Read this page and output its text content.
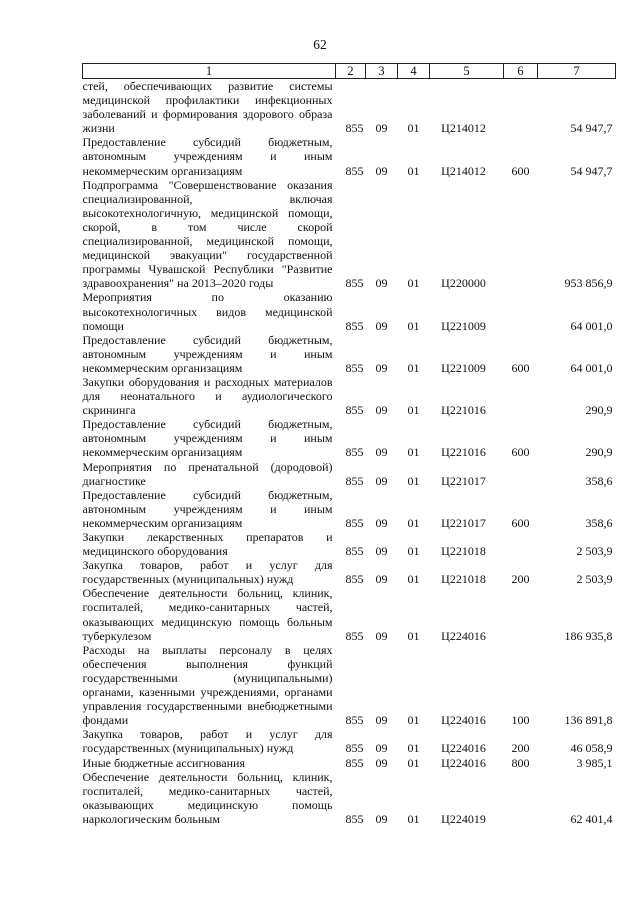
62
1	2	3	4	5	6	7
стей, обеспечивающих развитие системы медицинской профилактики инфекционных заболеваний и формирования здорового образа жизни	855	09	01	Ц214012		54 947,7
Предоставление субсидий бюджетным, автономным учреждениям и иным некоммерческим организациям	855	09	01	Ц214012	600	54 947,7
Подпрограмма "Совершенствование оказания специализированной, включая высокотехнологичную, медицинской помощи, скорой, в том числе скорой специализированной, медицинской помощи, медицинской эвакуации" государственной программы Чувашской Республики "Развитие здравоохранения" на 2013–2020 годы	855	09	01	Ц220000		953 856,9
Мероприятия по оказанию высокотехнологичных видов медицинской помощи	855	09	01	Ц221009		64 001,0
Предоставление субсидий бюджетным, автономным учреждениям и иным некоммерческим организациям	855	09	01	Ц221009	600	64 001,0
Закупки оборудования и расходных материалов для неонатального и аудиологического скрининга	855	09	01	Ц221016		290,9
Предоставление субсидий бюджетным, автономным учреждениям и иным некоммерческим организациям	855	09	01	Ц221016	600	290,9
Мероприятия по пренатальной (дородовой) диагностике	855	09	01	Ц221017		358,6
Предоставление субсидий бюджетным, автономным учреждениям и иным некоммерческим организациям	855	09	01	Ц221017	600	358,6
Закупки лекарственных препаратов и медицинского оборудования	855	09	01	Ц221018		2 503,9
Закупка товаров, работ и услуг для государственных (муниципальных) нужд	855	09	01	Ц221018	200	2 503,9
Обеспечение деятельности больниц, клиник, госпиталей, медико-санитарных частей, оказывающих медицинскую помощь больным туберкулезом	855	09	01	Ц224016		186 935,8
Расходы на выплаты персоналу в целях обеспечения выполнения функций государственными (муниципальными) органами, казенными учреждениями, органами управления государственными внебюджетными фондами	855	09	01	Ц224016	100	136 891,8
Закупка товаров, работ и услуг для государственных (муниципальных) нужд	855	09	01	Ц224016	200	46 058,9
Иные бюджетные ассигнования	855	09	01	Ц224016	800	3 985,1
Обеспечение деятельности больниц, клиник, госпиталей, медико-санитарных частей, оказывающих медицинскую помощь наркологическим больным	855	09	01	Ц224019		62 401,4
